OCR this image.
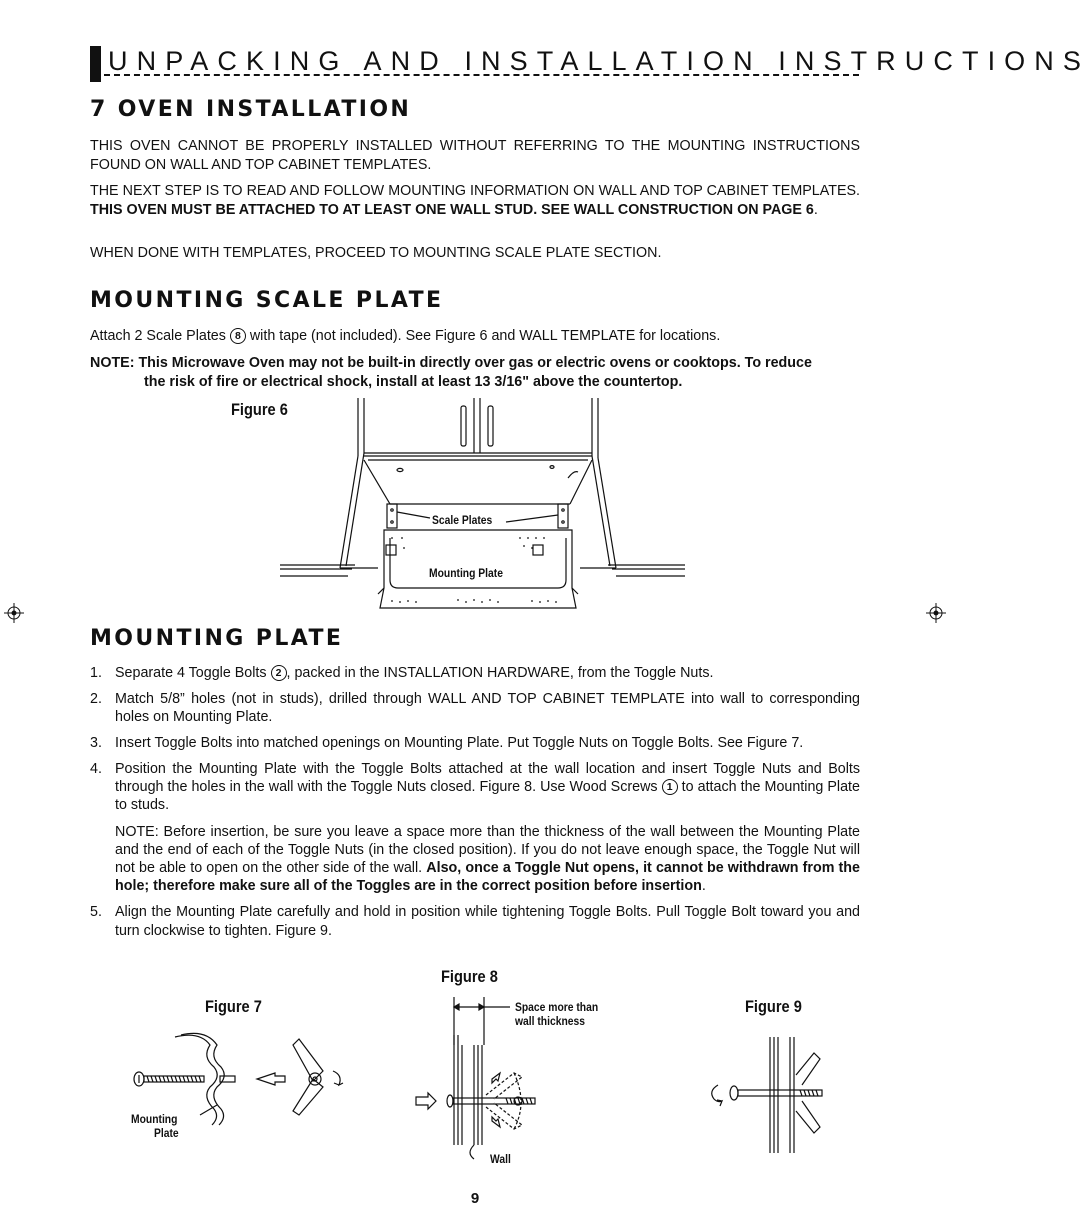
UNPACKING AND INSTALLATION INSTRUCTIONS
7 OVEN INSTALLATION
THIS OVEN CANNOT BE PROPERLY INSTALLED WITHOUT REFERRING TO THE MOUNTING INSTRUCTIONS FOUND ON WALL AND TOP CABINET TEMPLATES.
THE NEXT STEP IS TO READ AND FOLLOW MOUNTING INFORMATION ON WALL AND TOP CABINET TEMPLATES. THIS OVEN MUST BE ATTACHED TO AT LEAST ONE WALL STUD. SEE WALL CONSTRUCTION ON PAGE 6.
WHEN DONE WITH TEMPLATES, PROCEED TO MOUNTING SCALE PLATE SECTION.
MOUNTING SCALE PLATE
Attach 2 Scale Plates 8 with tape (not included). See Figure 6 and WALL TEMPLATE for locations.
NOTE: This Microwave Oven may not be built-in directly over gas or electric ovens or cooktops. To reduce
the risk of fire or electrical shock, install at least 13 3/16" above the countertop.
Figure 6
Scale Plates
Mounting Plate
MOUNTING PLATE
1. Separate 4 Toggle Bolts 2 , packed in the INSTALLATION HARDWARE, from the Toggle Nuts.
2. Match 5/8” holes (not in studs), drilled through WALL AND TOP CABINET TEMPLATE into wall to corresponding holes on Mounting Plate.
3. Insert Toggle Bolts into matched openings on Mounting Plate. Put Toggle Nuts on Toggle Bolts. See Figure 7.
4. Position the Mounting Plate with the Toggle Bolts attached at the wall location and insert Toggle Nuts and Bolts through the holes in the wall with the Toggle Nuts closed. Figure 8. Use Wood Screws 1 to attach the Mounting Plate to studs.
NOTE: Before insertion, be sure you leave a space more than the thickness of the wall between the Mounting Plate and the end of each of the Toggle Nuts (in the closed position). If you do not leave enough space, the Toggle Nut will not be able to open on the other side of the wall. Also, once a Toggle Nut opens, it cannot be withdrawn from the hole; therefore make sure all of the Toggles are in the correct position before insertion.
5. Align the Mounting Plate carefully and hold in position while tightening Toggle Bolts. Pull Toggle Bolt toward you and turn clockwise to tighten. Figure 9.
Figure 7
Mounting
Plate
Figure 8
Space more than
wall thickness
Wall
Figure 9
9
